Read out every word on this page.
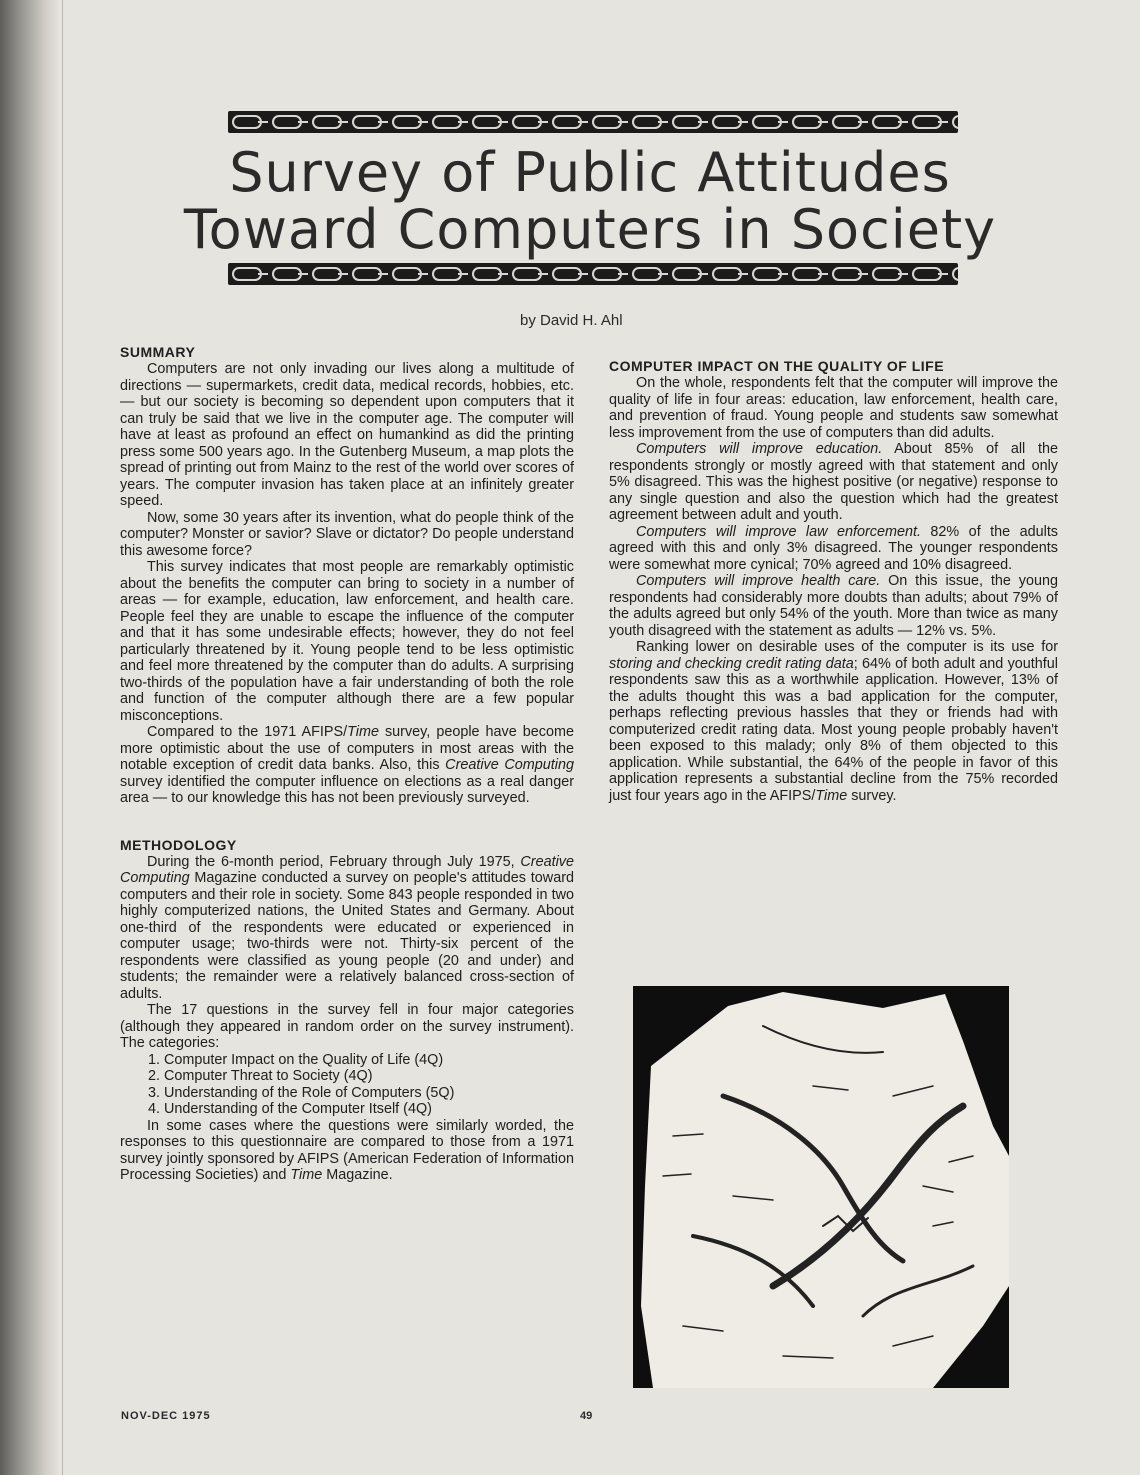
Survey of Public Attitudes
Toward Computers in Society
by David H. Ahl
SUMMARY

Computers are not only invading our lives along a multitude of directions — supermarkets, credit data, medical records, hobbies, etc. — but our society is becoming so dependent upon computers that it can truly be said that we live in the computer age. The computer will have at least as profound an effect on humankind as did the printing press some 500 years ago. In the Gutenberg Museum, a map plots the spread of printing out from Mainz to the rest of the world over scores of years. The computer invasion has taken place at an infinitely greater speed.

Now, some 30 years after its invention, what do people think of the computer? Monster or savior? Slave or dictator? Do people understand this awesome force?

This survey indicates that most people are remarkably optimistic about the benefits the computer can bring to society in a number of areas — for example, education, law enforcement, and health care. People feel they are unable to escape the influence of the computer and that it has some undesirable effects; however, they do not feel particularly threatened by it. Young people tend to be less optimistic and feel more threatened by the computer than do adults. A surprising two-thirds of the population have a fair understanding of both the role and function of the computer although there are a few popular misconceptions.

Compared to the 1971 AFIPS/Time survey, people have become more optimistic about the use of computers in most areas with the notable exception of credit data banks. Also, this Creative Computing survey identified the computer influence on elections as a real danger area — to our knowledge this has not been previously surveyed.

METHODOLOGY

During the 6-month period, February through July 1975, Creative Computing Magazine conducted a survey on people's attitudes toward computers and their role in society. Some 843 people responded in two highly computerized nations, the United States and Germany. About one-third of the respondents were educated or experienced in computer usage; two-thirds were not. Thirty-six percent of the respondents were classified as young people (20 and under) and students; the remainder were a relatively balanced cross-section of adults.

The 17 questions in the survey fell in four major categories (although they appeared in random order on the survey instrument). The categories:

1. Computer Impact on the Quality of Life (4Q)
2. Computer Threat to Society (4Q)
3. Understanding of the Role of Computers (5Q)
4. Understanding of the Computer Itself (4Q)

In some cases where the questions were similarly worded, the responses to this questionnaire are compared to those from a 1971 survey jointly sponsored by AFIPS (American Federation of Information Processing Societies) and Time Magazine.

COMPUTER IMPACT ON THE QUALITY OF LIFE

On the whole, respondents felt that the computer will improve the quality of life in four areas: education, law enforcement, health care, and prevention of fraud. Young people and students saw somewhat less improvement from the use of computers than did adults.

Computers will improve education. About 85% of all the respondents strongly or mostly agreed with that statement and only 5% disagreed. This was the highest positive (or negative) response to any single question and also the question which had the greatest agreement between adult and youth.

Computers will improve law enforcement. 82% of the adults agreed with this and only 3% disagreed. The younger respondents were somewhat more cynical; 70% agreed and 10% disagreed.

Computers will improve health care. On this issue, the young respondents had considerably more doubts than adults; about 79% of the adults agreed but only 54% of the youth. More than twice as many youth disagreed with the statement as adults — 12% vs. 5%.

Ranking lower on desirable uses of the computer is its use for storing and checking credit rating data; 64% of both adult and youthful respondents saw this as a worthwhile application. However, 13% of the adults thought this was a bad application for the computer, perhaps reflecting previous hassles that they or friends had with computerized credit rating data. Most young people probably haven't been exposed to this malady; only 8% of them objected to this application. While substantial, the 64% of the people in favor of this application represents a substantial decline from the 75% recorded just four years ago in the AFIPS/Time survey.

NOV-DEC 1975	49
